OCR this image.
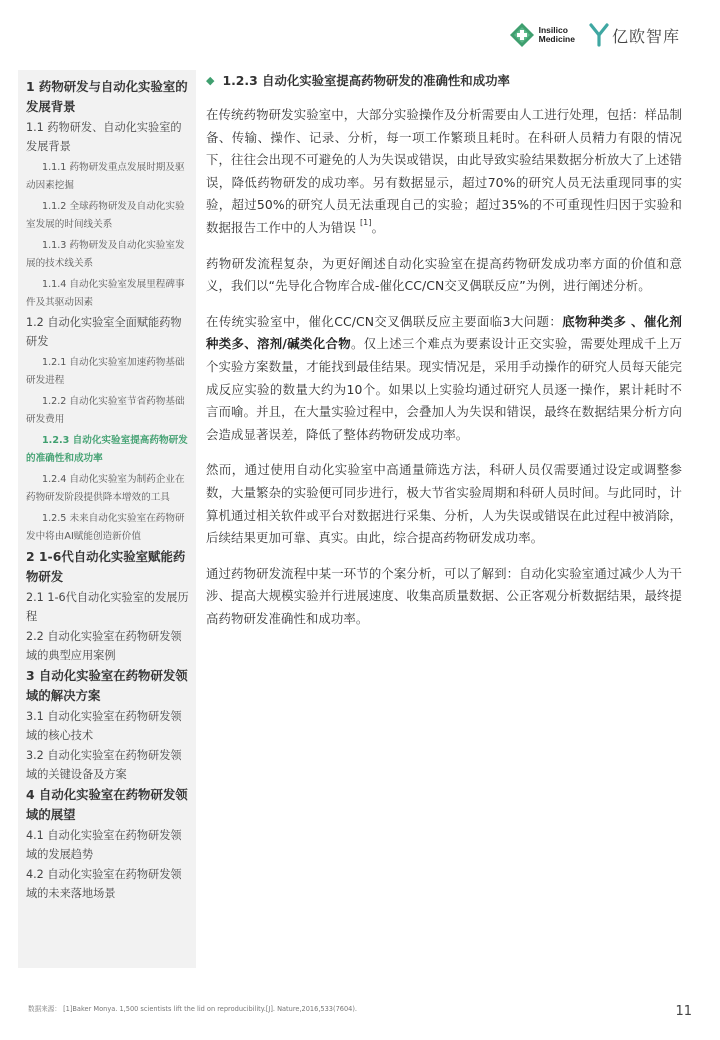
Insilico
Medicine 亿欧智库
1 药物研发与自动化实验室的发展背景
1.1 药物研发、自动化实验室的发展背景
1.1.1 药物研发重点发展时期及驱动因素挖掘
1.1.2 全球药物研发及自动化实验室发展的时间线关系
1.1.3 药物研发及自动化实验室发展的技术线关系
1.1.4 自动化实验室发展里程碑事件及其驱动因素
1.2 自动化实验室全面赋能药物研发
1.2.1 自动化实验室加速药物基础研发进程
1.2.2 自动化实验室节省药物基础研发费用
1.2.3 自动化实验室提高药物研发的准确性和成功率
1.2.4 自动化实验室为制药企业在药物研发阶段提供降本增效的工具
1.2.5 未来自动化实验室在药物研发中将由AI赋能创造新价值
2 1-6代自动化实验室赋能药物研发
2.1 1-6代自动化实验室的发展历程
2.2 自动化实验室在药物研发领域的典型应用案例
3 自动化实验室在药物研发领域的解决方案
3.1 自动化实验室在药物研发领域的核心技术
3.2 自动化实验室在药物研发领域的关键设备及方案
4 自动化实验室在药物研发领域的展望
4.1 自动化实验室在药物研发领域的发展趋势
4.2 自动化实验室在药物研发领域的未来落地场景
◆ 1.2.3 自动化实验室提高药物研发的准确性和成功率

在传统药物研发实验室中，大部分实验操作及分析需要由人工进行处理，包括：样品制备、传输、操作、记录、分析，每一项工作繁琐且耗时。在科研人员精力有限的情况下，往往会出现不可避免的人为失误或错误，由此导致实验结果数据分析放大了上述错误，降低药物研发的成功率。另有数据显示，超过70%的研究人员无法重现同事的实验，超过50%的研究人员无法重现自己的实验；超过35%的不可重现性归因于实验和数据报告工作中的人为错误 [1]。

药物研发流程复杂，为更好阐述自动化实验室在提高药物研发成功率方面的价值和意义，我们以“先导化合物库合成-催化CC/CN交叉偶联反应”为例，进行阐述分析。

在传统实验室中，催化CC/CN交叉偶联反应主要面临3大问题：底物种类多 、催化剂种类多、溶剂/碱类化合物。仅上述三个难点为要素设计正交实验，需要处理成千上万个实验方案数量，才能找到最佳结果。现实情况是，采用手动操作的研究人员每天能完成反应实验的数量大约为10个。如果以上实验均通过研究人员逐一操作，累计耗时不言而喻。并且，在大量实验过程中，会叠加人为失误和错误，最终在数据结果分析方向会造成显著误差，降低了整体药物研发成功率。

然而，通过使用自动化实验室中高通量筛选方法，科研人员仅需要通过设定或调整参数，大量繁杂的实验便可同步进行，极大节省实验周期和科研人员时间。与此同时，计算机通过相关软件或平台对数据进行采集、分析，人为失误或错误在此过程中被消除，后续结果更加可靠、真实。由此，综合提高药物研发成功率。

通过药物研发流程中某一环节的个案分析，可以了解到：自动化实验室通过减少人为干涉、提高大规模实验并行进展速度、收集高质量数据、公正客观分析数据结果，最终提高药物研发准确性和成功率。

数据来源： [1]Baker Monya. 1,500 scientists lift the lid on reproducibility.[J]. Nature,2016,533(7604).	11
